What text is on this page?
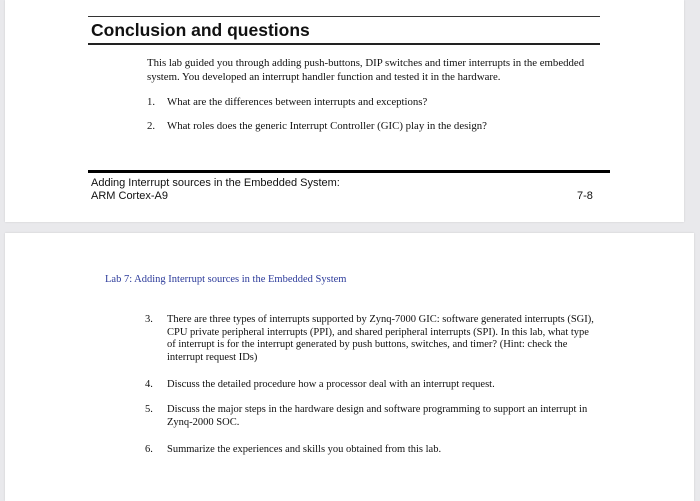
Conclusion and questions
This lab guided you through adding push-buttons, DIP switches and timer interrupts in the embedded system. You developed an interrupt handler function and tested it in the hardware.
1. What are the differences between interrupts and exceptions?
2. What roles does the generic Interrupt Controller (GIC) play in the design?
Adding Interrupt sources in the Embedded System:
ARM Cortex-A9	7-8
Lab 7: Adding Interrupt sources in the Embedded System
3. There are three types of interrupts supported by Zynq-7000 GIC: software generated interrupts (SGI), CPU private peripheral interrupts (PPI), and shared peripheral interrupts (SPI). In this lab, what type of interrupt is for the interrupt generated by push buttons, switches, and timer? (Hint: check the interrupt request IDs)
4. Discuss the detailed procedure how a processor deal with an interrupt request.
5. Discuss the major steps in the hardware design and software programming to support an interrupt in Zynq-2000 SOC.
6. Summarize the experiences and skills you obtained from this lab.
